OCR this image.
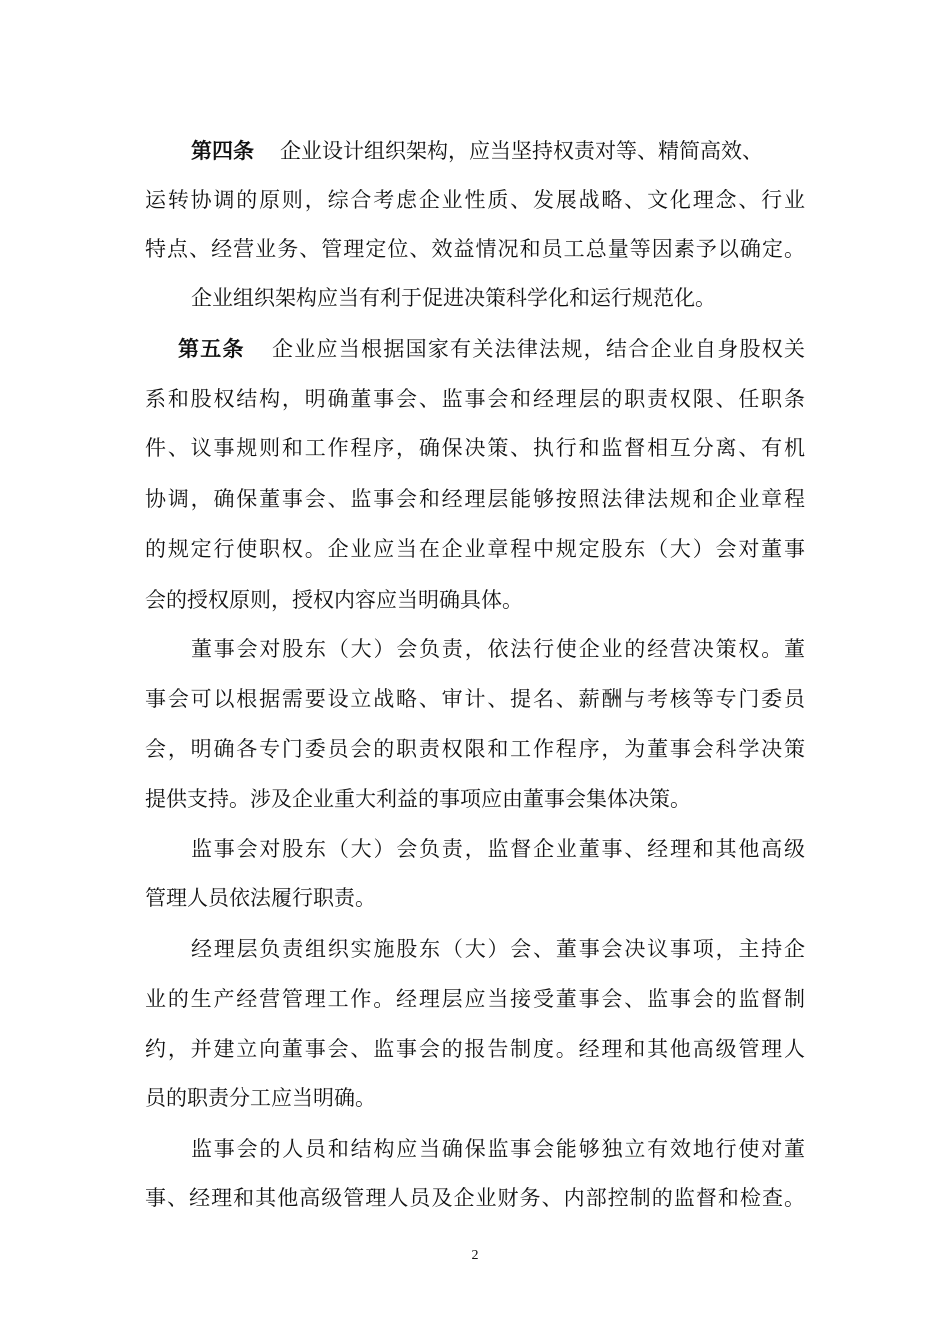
第四条 企业设计组织架构，应当坚持权责对等、精简高效、
运转协调的原则，综合考虑企业性质、发展战略、文化理念、行业
特点、经营业务、管理定位、效益情况和员工总量等因素予以确定。
企业组织架构应当有利于促进决策科学化和运行规范化。
第五条 企业应当根据国家有关法律法规，结合企业自身股权关
系和股权结构，明确董事会、监事会和经理层的职责权限、任职条
件、议事规则和工作程序，确保决策、执行和监督相互分离、有机
协调，确保董事会、监事会和经理层能够按照法律法规和企业章程
的规定行使职权。企业应当在企业章程中规定股东（大）会对董事
会的授权原则，授权内容应当明确具体。
董事会对股东（大）会负责，依法行使企业的经营决策权。董
事会可以根据需要设立战略、审计、提名、薪酬与考核等专门委员
会，明确各专门委员会的职责权限和工作程序，为董事会科学决策
提供支持。涉及企业重大利益的事项应由董事会集体决策。
监事会对股东（大）会负责，监督企业董事、经理和其他高级
管理人员依法履行职责。
经理层负责组织实施股东（大）会、董事会决议事项，主持企
业的生产经营管理工作。经理层应当接受董事会、监事会的监督制
约，并建立向董事会、监事会的报告制度。经理和其他高级管理人
员的职责分工应当明确。
监事会的人员和结构应当确保监事会能够独立有效地行使对董
事、经理和其他高级管理人员及企业财务、内部控制的监督和检查。
2
